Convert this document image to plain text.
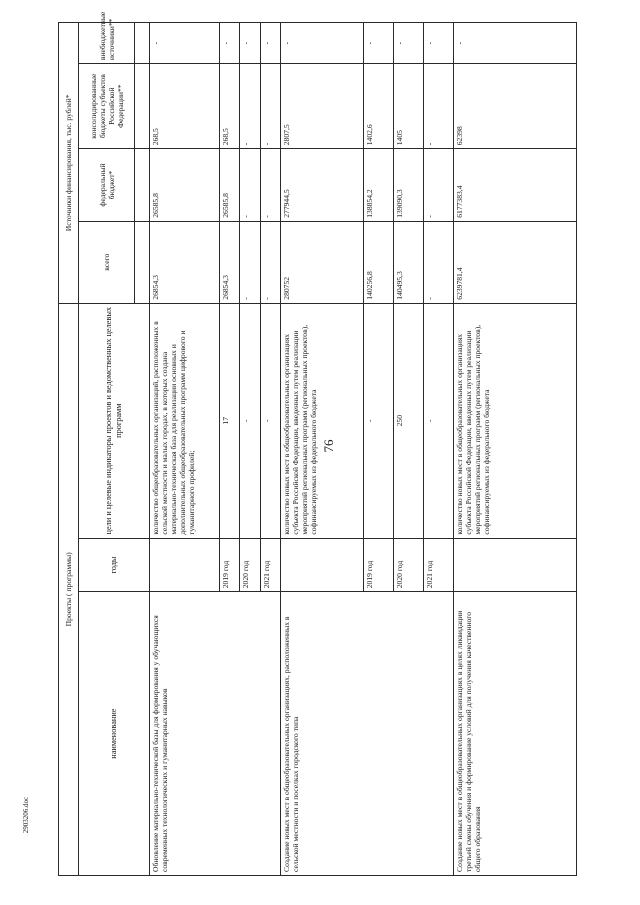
76
2903206.doc
Проекты ( программы)			Источники финансирования, тыс. рублей*			
наименование	годы	цели и целевые индикаторы проектов и ведомственных целевых программ	всего	федеральный бюджет*	консолидированные бюджеты субъектов Российской Федерации**	внебюджетные источники**

Обновление материально-технической базы для формирования у обучающихся современных технологических и гуманитарных навыков		количество общеобразовательных организаций, расположенных в сельской местности и малых городах, в которых создана материально-техническая база для реализации основных и дополнительных общеобразовательных программ цифрового и гуманитарного профилей;	26854,3	26585,8	268,5	-
	2019 год	17	26854,3	26585,8	268,5	-
	2020 год	-	-	-	-	-
	2021 год	-	-	-	-	-
Создание новых мест в общеобразовательных организациях, расположенных в сельской местности и поселках городского типа		количество новых мест в общеобразовательных организациях субъекта Российской Федерации, введенных путем реализации мероприятий региональных программ (региональных проектов), софинансируемых из федерального бюджета	280752	277944,5	2807,5	-
	2019 год	-	140256,8	138854,2	1402,6	-
	2020 год	250	140495,3	139090,3	1405	-
	2021 год	-	-	-	-	-
Создание новых мест в общеобразовательных организациях в целях ликвидации третьей смены обучения и формирование условий для получения качественного общего образования		количество новых мест в общеобразовательных организациях субъекта Российской Федерации, введенных путем реализации мероприятий региональных программ (региональных проектов), софинансируемых из федерального бюджета	6239781,4	6177383,4	62398	-
